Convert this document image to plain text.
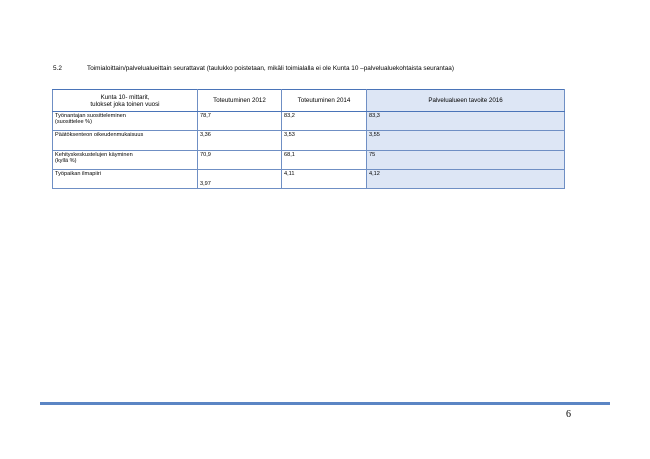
5.2	Toimialoittain/palvelualueittain seurattavat (taulukko poistetaan, mikäli toimialalla ei ole Kunta 10 –palvelualuekohtaista seurantaa)
Kunta 10- mittarit,
tulokset joka toinen vuosi	Toteutuminen 2012	Toteutuminen 2014	Palvelualueen tavoite 2016

Työnantajan suositteleminen
(suosittelee %)	78,7	83,2	83,3

Päätöksenteon oikeudenmukaisuus	3,36	3,53	3,55

Kehityskeskustelujen käyminen
(kyllä %)	70,9	68,1	75

Työpaikan ilmapiiri	3,97	4,11	4,12
6
